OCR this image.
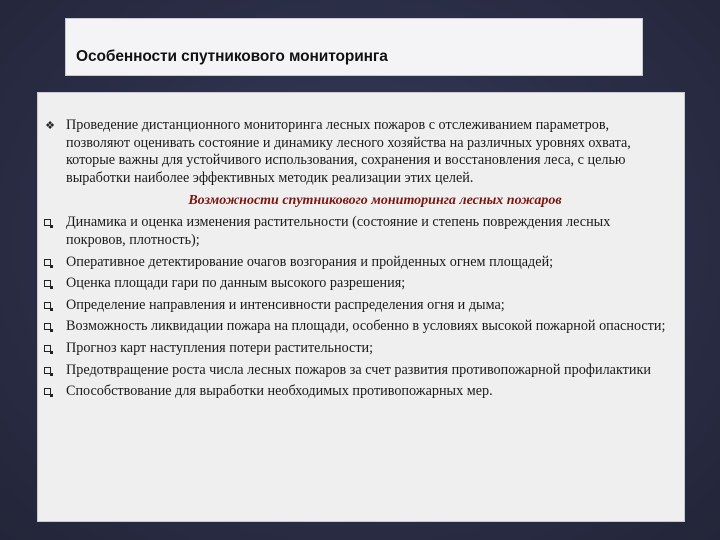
Особенности спутникового мониторинга
❖ Проведение дистанционного мониторинга лесных пожаров с отслеживанием параметров, позволяют оценивать состояние и динамику лесного хозяйства на различных уровнях охвата, которые важны для устойчивого использования, сохранения и восстановления леса, с целью выработки наиболее эффективных методик реализации этих целей.
Возможности спутникового мониторинга лесных пожаров
Динамика и оценка изменения растительности (состояние и степень повреждения лесных покровов, плотность);
Оперативное детектирование очагов возгорания и пройденных огнем площадей;
Оценка площади гари по данным высокого разрешения;
Определение направления и интенсивности распределения огня и дыма;
Возможность ликвидации пожара на площади, особенно в условиях высокой пожарной опасности;
Прогноз карт наступления потери растительности;
Предотвращение роста числа лесных пожаров за счет развития противопожарной профилактики
Способствование для выработки необходимых противопожарных мер.
